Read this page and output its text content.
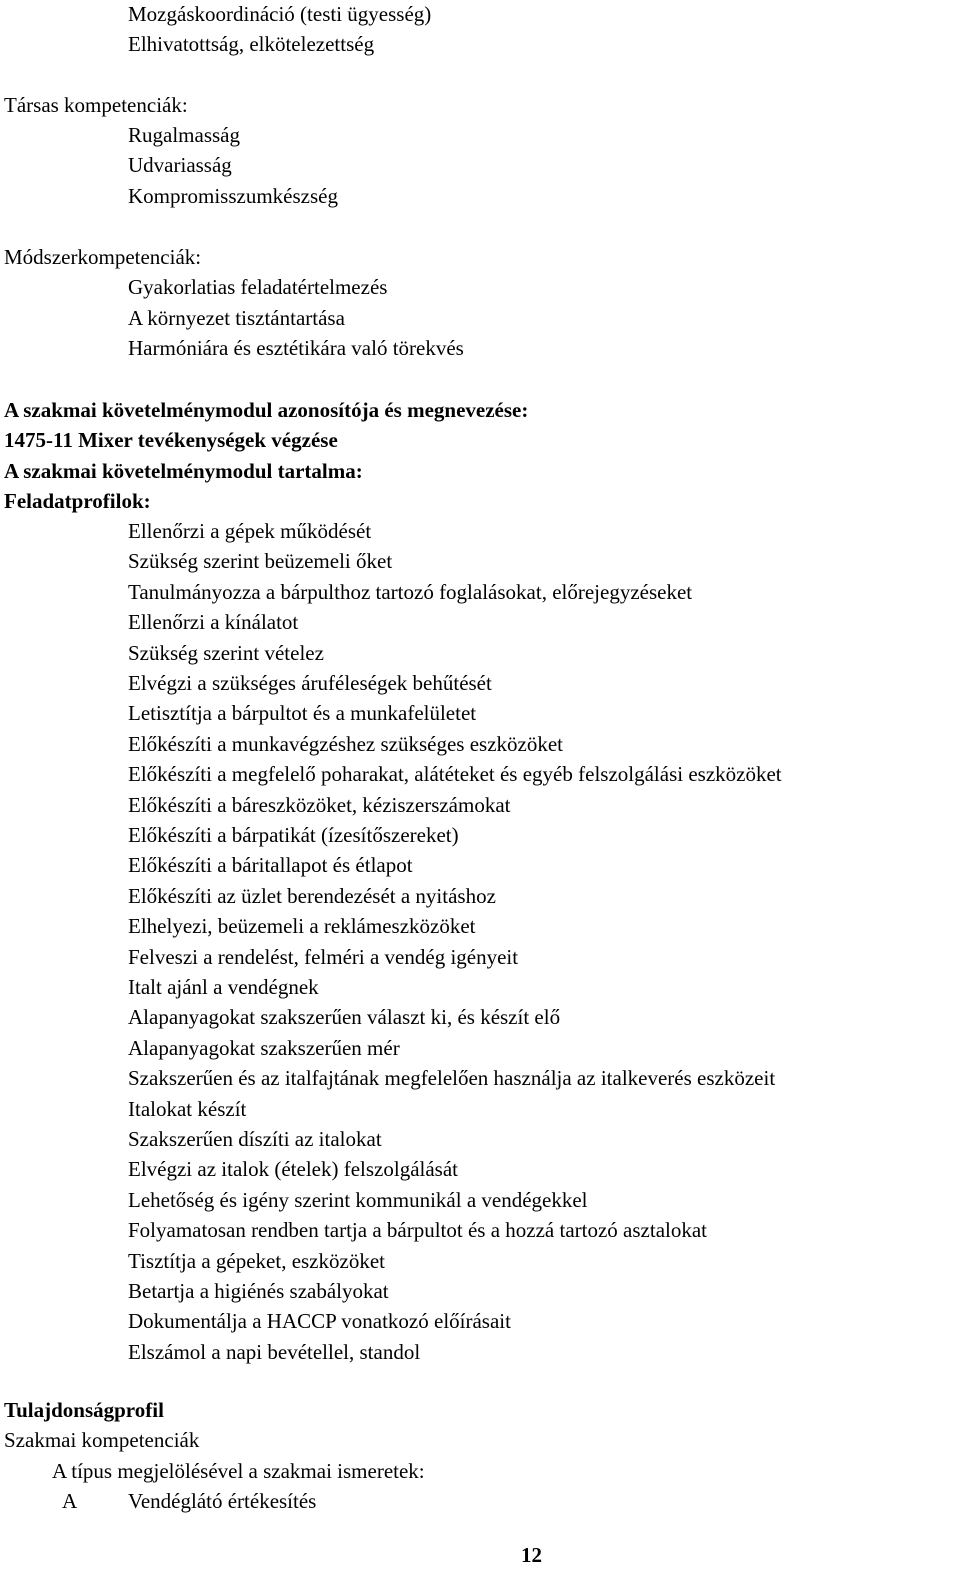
Mozgáskoordináció (testi ügyesség)
Elhivatottság, elkötelezettség
Társas kompetenciák:
Rugalmasság
Udvariasság
Kompromisszumkészség
Módszerkompetenciák:
Gyakorlatias feladatértelmezés
A környezet tisztántartása
Harmóniára és esztétikára való törekvés
A szakmai követelménymodul azonosítója és megnevezése:
1475-11 Mixer tevékenységek végzése
A szakmai követelménymodul tartalma:
Feladatprofilok:
Ellenőrzi a gépek működését
Szükség szerint beüzemeli őket
Tanulmányozza a bárpulthoz tartozó foglalásokat, előrejegyzéseket
Ellenőrzi a kínálatot
Szükség szerint vételez
Elvégzi a szükséges áruféleségek behűtését
Letisztítja a bárpultot és a munkafelületet
Előkészíti a munkavégzéshez szükséges eszközöket
Előkészíti a megfelelő poharakat, alátéteket és egyéb felszolgálási eszközöket
Előkészíti a báreszközöket, kéziszerszámokat
Előkészíti a bárpatikát (ízesítőszereket)
Előkészíti a báritallapot és étlapot
Előkészíti az üzlet berendezését a nyitáshoz
Elhelyezi, beüzemeli a reklámeszközöket
Felveszi a rendelést, felméri a vendég igényeit
Italt ajánl a vendégnek
Alapanyagokat szakszerűen választ ki, és készít elő
Alapanyagokat szakszerűen mér
Szakszerűen és az italfajtának megfelelően használja az italkeverés eszközeit
Italokat készít
Szakszerűen díszíti az italokat
Elvégzi az italok (ételek) felszolgálását
Lehetőség és igény szerint kommunikál a vendégekkel
Folyamatosan rendben tartja a bárpultot és a hozzá tartozó asztalokat
Tisztítja a gépeket, eszközöket
Betartja a higiénés szabályokat
Dokumentálja a HACCP vonatkozó előírásait
Elszámol a napi bevétellel, standol
Tulajdonságprofil
Szakmai kompetenciák
A típus megjelölésével a szakmai ismeretek:
A Vendéglátó értékesítés
12
